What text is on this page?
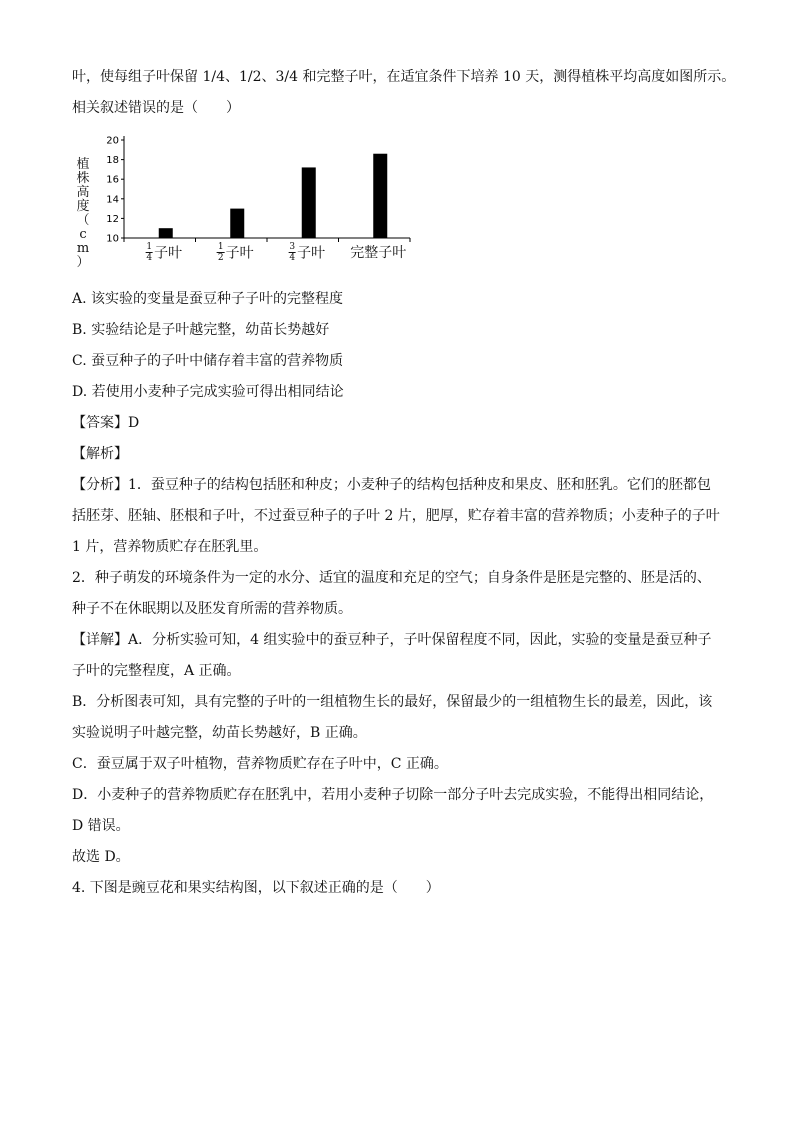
叶，使每组子叶保留 1/4、1/2、3/4 和完整子叶，在适宜条件下培养 10 天，测得植株平均高度如图所示。
相关叙述错误的是（　　）
植
株
高
度
（
c
m
）
10
12
14
16
18
20
$\frac{1}{4}$ 子叶	$\frac{1}{2}$ 子叶	$\frac{3}{4}$ 子叶 完整子叶
A. 该实验的变量是蚕豆种子子叶的完整程度
B. 实验结论是子叶越完整，幼苗长势越好
C. 蚕豆种子的子叶中储存着丰富的营养物质
D. 若使用小麦种子完成实验可得出相同结论
【答案】D
【解析】
【分析】1．蚕豆种子的结构包括胚和种皮；小麦种子的结构包括种皮和果皮、胚和胚乳。它们的胚都包
括胚芽、胚轴、胚根和子叶，不过蚕豆种子的子叶 2 片，肥厚，贮存着丰富的营养物质；小麦种子的子叶
1 片，营养物质贮存在胚乳里。
2．种子萌发的环境条件为一定的水分、适宜的温度和充足的空气；自身条件是胚是完整的、胚是活的、
种子不在休眠期以及胚发育所需的营养物质。
【详解】A．分析实验可知，4 组实验中的蚕豆种子，子叶保留程度不同，因此，实验的变量是蚕豆种子
子叶的完整程度，A 正确。
B．分析图表可知，具有完整的子叶的一组植物生长的最好，保留最少的一组植物生长的最差，因此，该
实验说明子叶越完整，幼苗长势越好，B 正确。
C．蚕豆属于双子叶植物，营养物质贮存在子叶中，C 正确。
D．小麦种子的营养物质贮存在胚乳中，若用小麦种子切除一部分子叶去完成实验，不能得出相同结论，
D 错误。
故选 D。
4. 下图是豌豆花和果实结构图，以下叙述正确的是（　　）
